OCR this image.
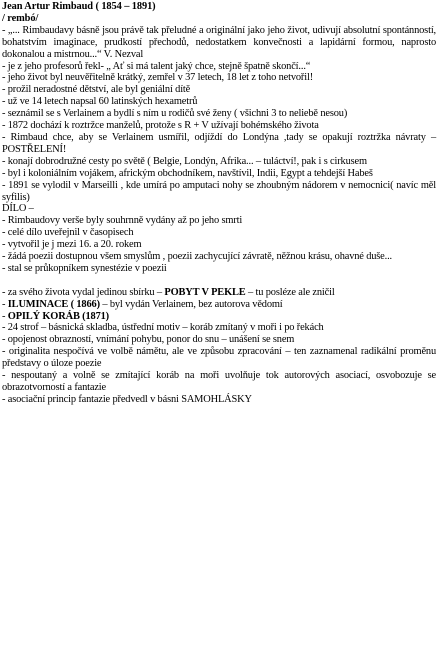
Jean Artur Rimbaud ( 1854 – 1891)
/ rembó/
- „... Rimbaudavy básně jsou právě tak přeludné a originální jako jeho život, udivují absolutní spontánností, bohatstvím imaginace, prudkostí přechodů, nedostatkem konvečnosti a lapidární formou, naprosto dokonalou a mistrnou...“ V. Nezval
- je z jeho profesorů řekl- „ Ať si má talent jaký chce, stejně špatně skončí...“
- jeho život byl neuvěřitelně krátký, zemřel v 37 letech, 18 let z toho netvořil!
- prožil neradostné dětství, ale byl geniální dítě
- už ve 14 letech napsal 60 latinských hexametrů
- seznámil se s Verlainem a bydlí s ním u rodičů své ženy ( všichni 3 to neliebě nesou)
- 1872 dochází k roztržce manželů, protože s R + V užívají bohémského života
- Rimbaud chce, aby se Verlainem usmířil, odjíždí do Londýna ,tady se opakují roztržka návraty – POSTŘELENÍ!
- konají dobrodružné cesty po světě ( Belgie, Londýn, Afrika... – tuláctví!, pak i s cirkusem
- byl i koloniálním vojákem, africkým obchodníkem, navštívil, Indii, Egypt a tehdejší Habeš
- 1891 se vylodil v Marseilli , kde umírá po amputaci nohy se zhoubným nádorem v nemocnici( navíc měl syfilis)
DÍLO –
- Rimbaudovy verše byly souhrnně vydány až po jeho smrti
- celé dílo uveřejnil v časopisech
- vytvořil je j mezi 16. a 20. rokem
- žádá poezii dostupnou všem smyslům , poezii zachycující závratě, něžnou krásu, ohavné duše...
- stal se průkopníkem synestézie v poezii
- za svého života vydal jedinou sbírku – POBYT V PEKLE – tu posléze ale zničil
- ILUMINACE ( 1866) – byl vydán Verlainem, bez autorova vědomí
- OPILÝ KORÁB (1871)
- 24 strof – básnická skladba, ústřední motiv – koráb zmítaný v moři i po řekách
- opojenost obrazností, vnímání pohybu, ponor do snu – unášení se snem
- originalita nespočívá ve volbě námětu, ale ve způsobu zpracování – ten zaznamenal radikální proměnu představy o úloze poezie
- nespoutaný a volně se zmítající koráb na moři uvolňuje tok autorových asociací, osvobozuje se obrazotvorností a fantazie
- asociační princip fantazie předvedl v básni SAMOHLÁSKY
